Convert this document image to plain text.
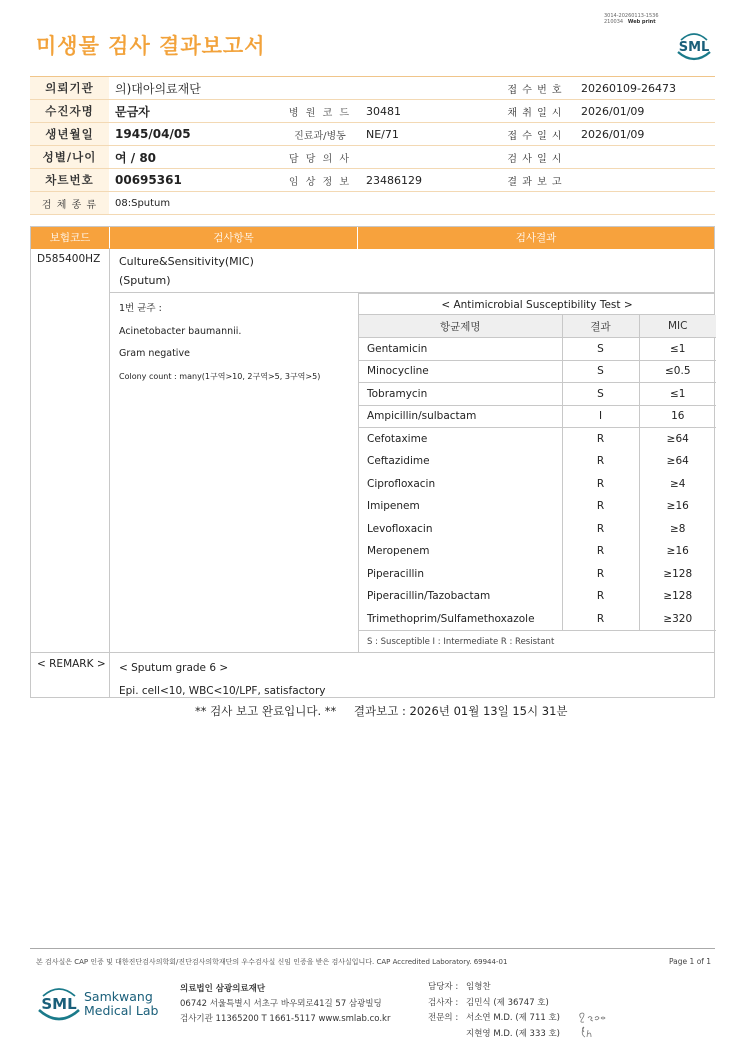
미생물 검사 결과보고서
3014-20260113-1536
210034 Web print
SML
의뢰기관	의)대아의료재단			접 수 번 호	20260109-26473
수진자명	문금자	병 원 코 드	30481	채 취 일 시	2026/01/09
생년월일	1945/04/05	진료과/병동	NE/71	접 수 일 시	2026/01/09
성별/나이	여 / 80	담 당 의 사		검 사 일 시	
차트번호	00695361	임 상 정 보	23486129	결 과 보 고	
검 체 종 류	08:Sputum				
보험코드	검사항목	검사결과
D585400HZ Culture&Sensitivity(MIC)
(Sputum)
1번 균주 :
Acinetobacter baumannii.
Gram negative
Colony count : many(1구역>10, 2구역>5, 3구역>5)
< Antimicrobial Susceptibility Test >
항균제명	결과	MIC
Gentamicin	S	≤1
Minocycline	S	≤0.5
Tobramycin	S	≤1
Ampicillin/sulbactam	I	16
Cefotaxime	R	≥64
Ceftazidime	R	≥64
Ciprofloxacin	R	≥4
Imipenem	R	≥16
Levofloxacin	R	≥8
Meropenem	R	≥16
Piperacillin	R	≥128
Piperacillin/Tazobactam	R	≥128
Trimethoprim/Sulfamethoxazole	R	≥320
S : Susceptible I : Intermediate R : Resistant
< REMARK > < Sputum grade 6 >
Epi. cell<10, WBC<10/LPF, satisfactory
** 검사 보고 완료입니다. ** 결과보고 : 2026년 01월 13일 15시 31분
본 검사실은 CAP 인증 및 대한진단검사의학회/진단검사의학재단의 우수검사실 신임 인증을 받은 검사실입니다. CAP Accredited Laboratory. 69944-01	Page 1 of 1
SML Samkwang
Medical Lab
의료법인 삼광의료재단
06742 서울특별시 서초구 바우뫼로41길 57 삼광빌딩
검사기관 11365200 T 1661-5117 www.smlab.co.kr
담당자 : 임형찬
검사자 : 김민식 (제 36747 호)
전문의 : 서소연 M.D. (제 711 호)
지현영 M.D. (제 333 호)
